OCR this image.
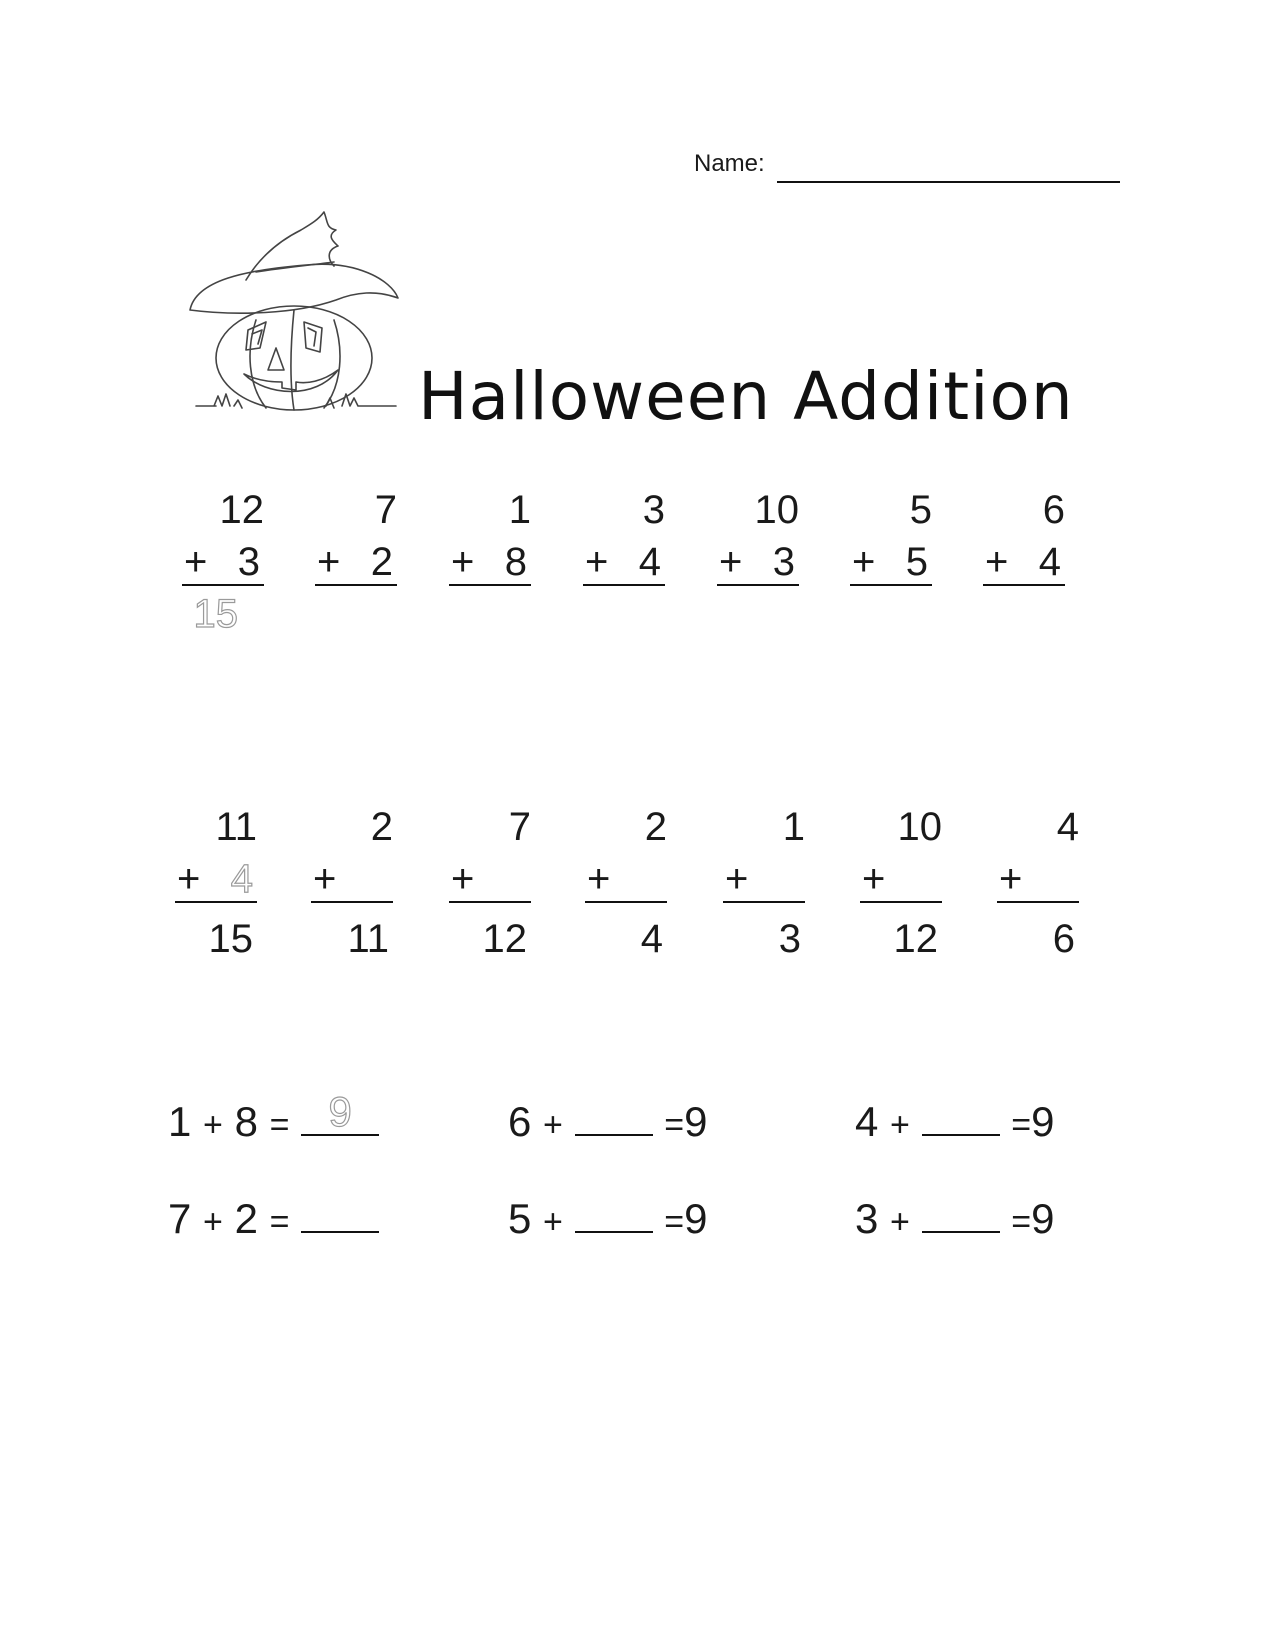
Name:
Halloween Addition
12
+ 3
15
7
+ 2
1
+ 8
3
+ 4
10
+ 3
5
+ 5
6
+ 4
11
+ 4
15
2
+
11
7
+
12
2
+
4
1
+
3
10
+
12
4
+
6
1 + 8 = 9	6 +	=9	4 +	=9
7 + 2 =	5 +	=9	3 +	=9
